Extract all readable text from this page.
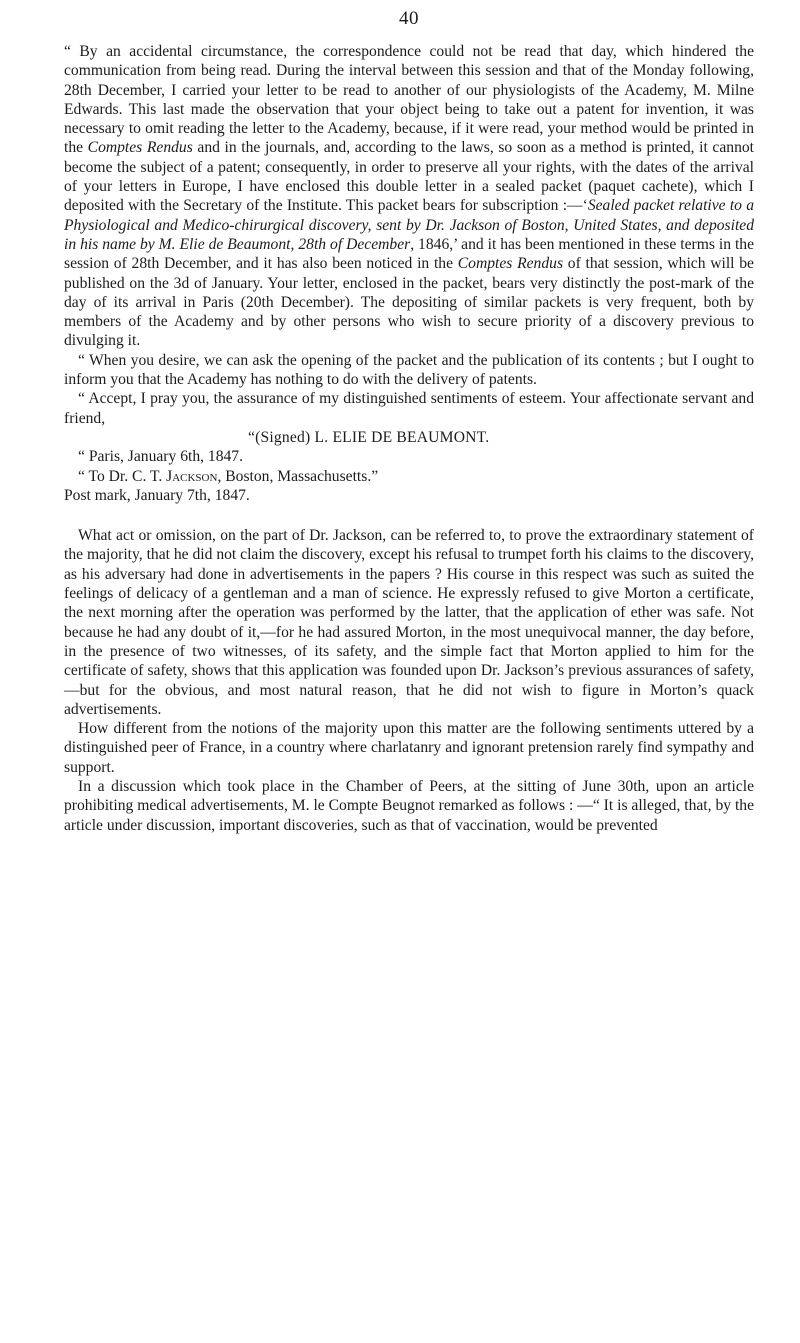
40

“ By an accidental circumstance, the correspondence could not be read that day, which hindered the communication from being read. During the interval between this session and that of the Monday following, 28th December, I carried your letter to be read to another of our physiologists of the Academy, M. Milne Edwards. This last made the observation that your object being to take out a patent for invention, it was necessary to omit reading the letter to the Academy, because, if it were read, your method would be printed in the Comptes Rendus and in the journals, and, according to the laws, so soon as a method is printed, it cannot become the subject of a patent; consequently, in order to preserve all your rights, with the dates of the arrival of your letters in Europe, I have enclosed this double letter in a sealed packet (paquet cachete), which I deposited with the Secretary of the Institute. This packet bears for subscription :—‘Sealed packet relative to a Physiological and Medico-chirurgical discovery, sent by Dr. Jackson of Boston, United States, and deposited in his name by M. Elie de Beaumont, 28th of December, 1846,’ and it has been mentioned in these terms in the session of 28th December, and it has also been noticed in the Comptes Rendus of that session, which will be published on the 3d of January. Your letter, enclosed in the packet, bears very distinctly the post-mark of the day of its arrival in Paris (20th December). The depositing of similar packets is very frequent, both by members of the Academy and by other persons who wish to secure priority of a discovery previous to divulging it.

“ When you desire, we can ask the opening of the packet and the publication of its contents ; but I ought to inform you that the Academy has nothing to do with the delivery of patents.

“ Accept, I pray you, the assurance of my distinguished sentiments of esteem. Your affectionate servant and friend,

“(Signed) L. ELIE DE BEAUMONT.

“ Paris, January 6th, 1847.

“ To Dr. C. T. Jackson, Boston, Massachusetts.”

Post mark, January 7th, 1847.

What act or omission, on the part of Dr. Jackson, can be referred to, to prove the extraordinary statement of the majority, that he did not claim the discovery, except his refusal to trumpet forth his claims to the discovery, as his adversary had done in advertisements in the papers ? His course in this respect was such as suited the feelings of delicacy of a gentleman and a man of science. He expressly refused to give Morton a certificate, the next morning after the operation was performed by the latter, that the application of ether was safe. Not because he had any doubt of it,—for he had assured Morton, in the most unequivocal manner, the day before, in the presence of two witnesses, of its safety, and the simple fact that Morton applied to him for the certificate of safety, shows that this application was founded upon Dr. Jackson’s previous assurances of safety,—but for the obvious, and most natural reason, that he did not wish to figure in Morton’s quack advertisements.

How different from the notions of the majority upon this matter are the following sentiments uttered by a distinguished peer of France, in a country where charlatanry and ignorant pretension rarely find sympathy and support.

In a discussion which took place in the Chamber of Peers, at the sitting of June 30th, upon an article prohibiting medical advertisements, M. le Compte Beugnot remarked as follows : —“ It is alleged, that, by the article under discussion, important discoveries, such as that of vaccination, would be prevented
